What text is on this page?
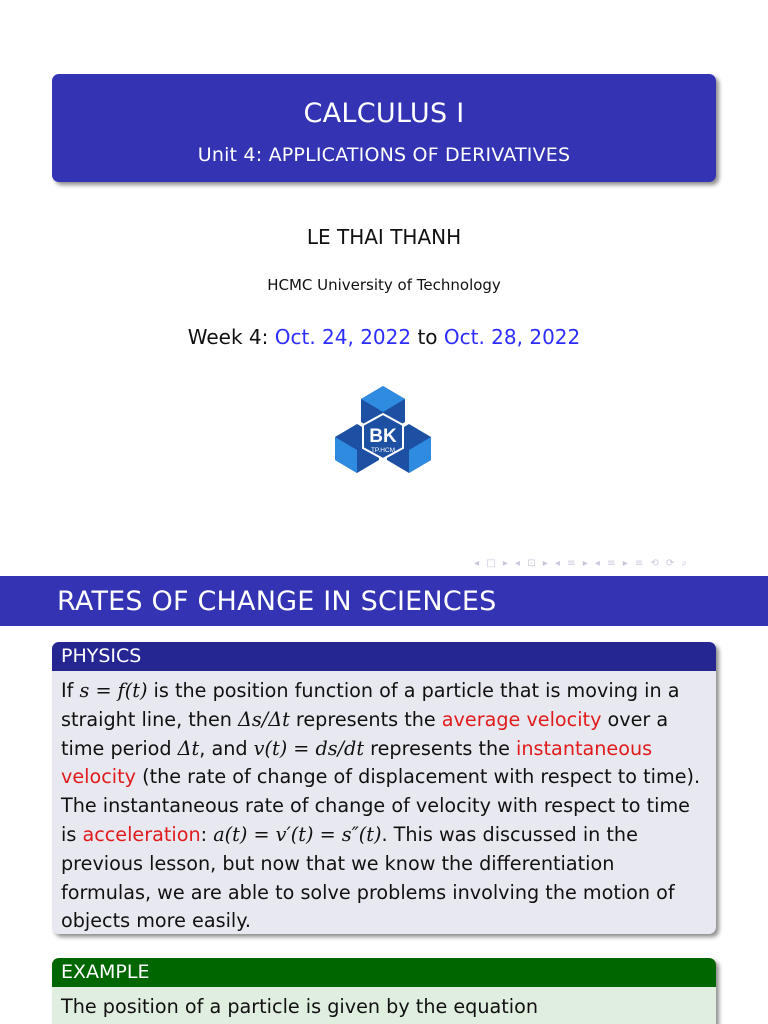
CALCULUS I
Unit 4: APPLICATIONS OF DERIVATIVES
LE THAI THANH
HCMC University of Technology
Week 4: Oct. 24, 2022 to Oct. 28, 2022
BK
TP.HCM
◂ □ ▸ ◂ ⊡ ▸ ◂ ≡ ▸ ◂ ≡ ▸ ≡ ⟲ ⟳ ⌕
RATES OF CHANGE IN SCIENCES
PHYSICS
If s = f(t) is the position function of a particle that is moving in a straight line, then Δs/Δt represents the average velocity over a time period Δt, and v(t) = ds/dt represents the instantaneous velocity (the rate of change of displacement with respect to time). The instantaneous rate of change of velocity with respect to time is acceleration: a(t) = v′(t) = s″(t). This was discussed in the previous lesson, but now that we know the differentiation formulas, we are able to solve problems involving the motion of objects more easily.
EXAMPLE
The position of a particle is given by the equation
